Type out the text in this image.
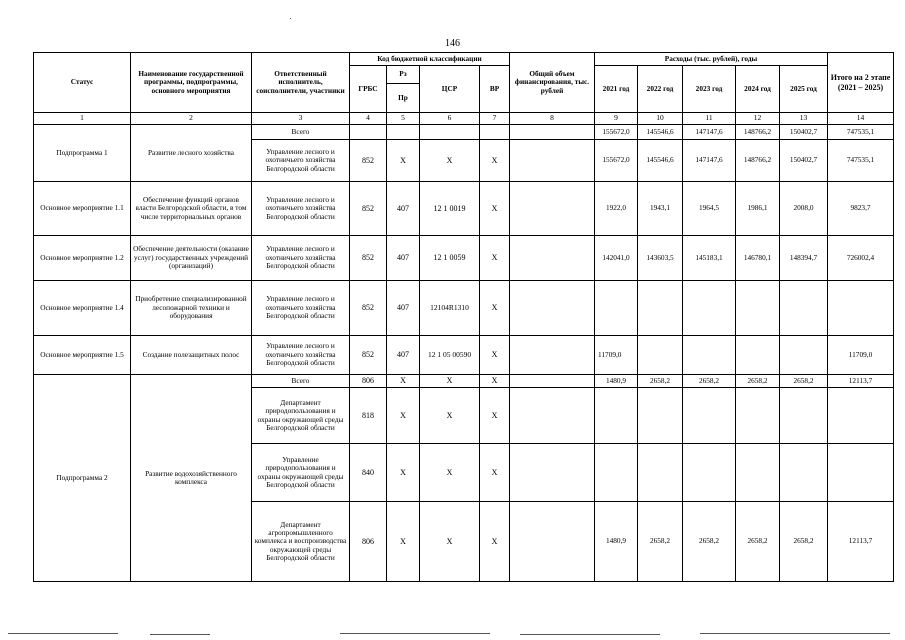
146
Статус	Наименование государственной программы, подпрограммы, основного мероприятия	Ответственный исполнитель, соисполнители, участники	Код бюджетной классификации				Общий объем финансирования, тыс. рублей	Расходы (тыс. рублей), годы					Итого на 2 этапе (2021 – 2025)
			ГРБС	Рз	ЦСР	ВР		2021 год	2022 год	2023 год	2024 год	2025 год	
				Пр									
1	2	3	4	5	6	7	8	9	10	11	12	13	14
Подпрограмма 1	Развитие лесного хозяйства	Всего						155672,0	145546,6	147147,6	148766,2	150402,7	747535,1
		Управление лесного и охотничьего хозяйства Белгородской области	852	Х	Х	Х		155672,0	145546,6	147147,6	148766,2	150402,7	747535,1
Основное мероприятие 1.1	Обеспечение функций органов власти Белгородской области, в том числе территориальных органов	Управление лесного и охотничьего хозяйства Белгородской области	852	407	12 1 0019	Х		1922,0	1943,1	1964,5	1986,1	2008,0	9823,7
Основное мероприятие 1.2	Обеспечение деятельности (оказание услуг) государственных учреждений (организаций)	Управление лесного и охотничьего хозяйства Белгородской области	852	407	12 1 0059	Х		142041,0	143603,5	145183,1	146780,1	148394,7	726002,4
Основное мероприятие 1.4	Приобретение специализированной лесопожарной техники и оборудования	Управление лесного и охотничьего хозяйства Белгородской области	852	407	12104R1310	Х							
Основное мероприятие 1.5	Создание полезащитных полос	Управление лесного и охотничьего хозяйства Белгородской области	852	407	12 1 05 00590	Х		11709,0					11709,0
Подпрограмма 2	Развитие водохозяйственного комплекса	Всего	806	Х	Х	Х		1480,9	2658,2	2658,2	2658,2	2658,2	12113,7
		Департамент природопользования и охраны окружающей среды Белгородской области	818	Х	Х	Х							
		Управление природопользования и охраны окружающей среды Белгородской области	840	Х	Х	Х							
		Департамент агропромышленного комплекса и воспроизводства окружающей среды Белгородской области	806	Х	Х	Х		1480,9	2658,2	2658,2	2658,2	2658,2	12113,7
